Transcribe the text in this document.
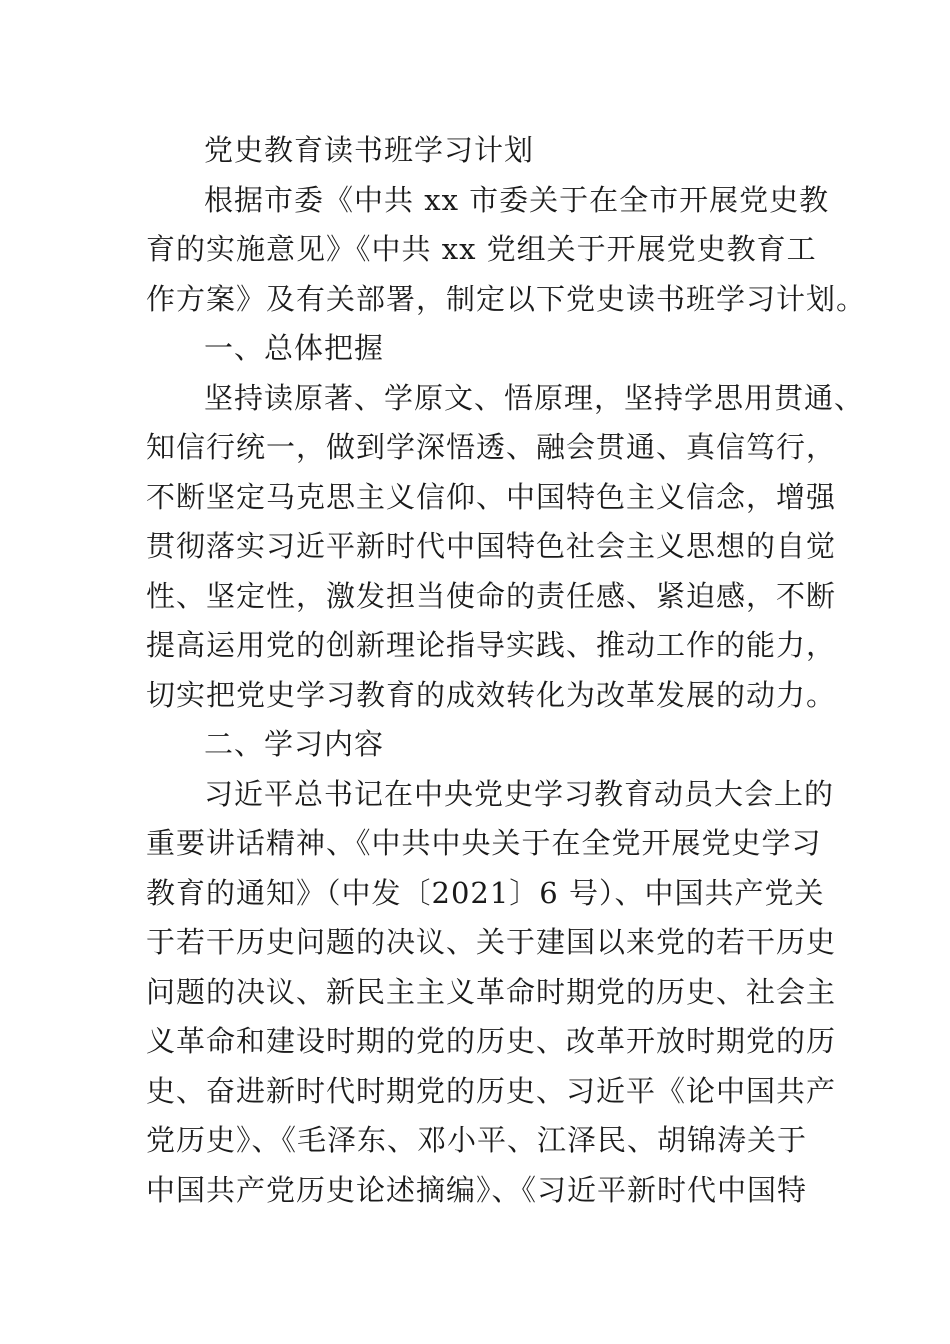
党史教育读书班学习计划
根据市委《中共 xx 市委关于在全市开展党史教
育的实施意见》《中共 xx 党组关于开展党史教育工
作方案》及有关部署，制定以下党史读书班学习计划。
一、总体把握
坚持读原著、学原文、悟原理，坚持学思用贯通、
知信行统一，做到学深悟透、融会贯通、真信笃行，
不断坚定马克思主义信仰、中国特色主义信念，增强
贯彻落实习近平新时代中国特色社会主义思想的自觉
性、坚定性，激发担当使命的责任感、紧迫感，不断
提高运用党的创新理论指导实践、推动工作的能力，
切实把党史学习教育的成效转化为改革发展的动力。
二、学习内容
习近平总书记在中央党史学习教育动员大会上的
重要讲话精神、《中共中央关于在全党开展党史学习
教育的通知》（中发〔2021〕6 号）、中国共产党关
于若干历史问题的决议、关于建国以来党的若干历史
问题的决议、新民主主义革命时期党的历史、社会主
义革命和建设时期的党的历史、改革开放时期党的历
史、奋进新时代时期党的历史、习近平《论中国共产
党历史》、《毛泽东、邓小平、江泽民、胡锦涛关于
中国共产党历史论述摘编》、《习近平新时代中国特
